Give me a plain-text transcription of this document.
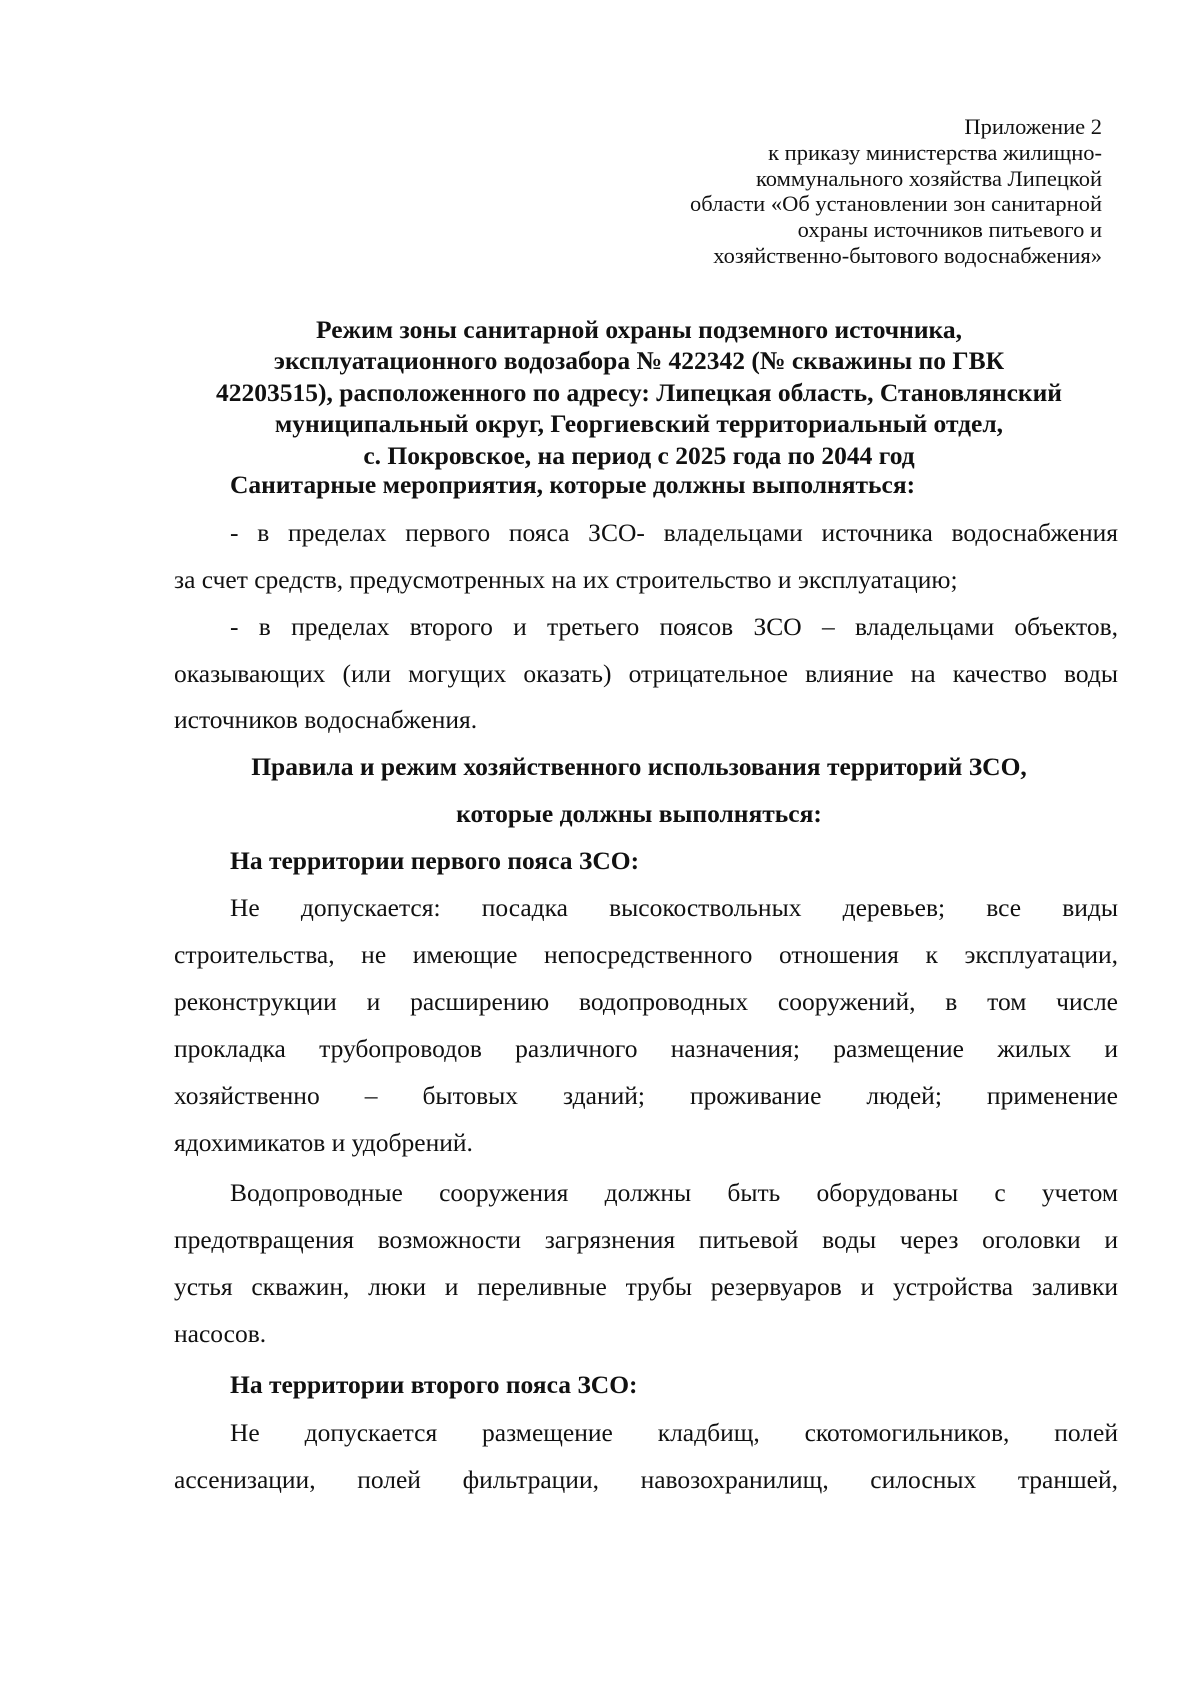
Приложение 2
к приказу министерства жилищно-
коммунального хозяйства Липецкой
области «Об установлении зон санитарной
охраны источников питьевого и
хозяйственно-бытового водоснабжения»
Режим зоны санитарной охраны подземного источника,
эксплуатационного водозабора № 422342 (№ скважины по ГВК
42203515), расположенного по адресу: Липецкая область, Становлянский
муниципальный округ, Георгиевский территориальный отдел,
с. Покровское, на период с 2025 года по 2044 год
Санитарные мероприятия, которые должны выполняться:
- в пределах первого пояса ЗСО- владельцами источника водоснабжения
за счет средств, предусмотренных на их строительство и эксплуатацию;
- в пределах второго и третьего поясов ЗСО – владельцами объектов,
оказывающих (или могущих оказать) отрицательное влияние на качество воды
источников водоснабжения.
Правила и режим хозяйственного использования территорий ЗСО,
которые должны выполняться:
На территории первого пояса ЗСО:
Не допускается: посадка высокоствольных деревьев; все виды
строительства, не имеющие непосредственного отношения к эксплуатации,
реконструкции и расширению водопроводных сооружений, в том числе
прокладка трубопроводов различного назначения; размещение жилых и
хозяйственно – бытовых зданий; проживание людей; применение
ядохимикатов и удобрений.
Водопроводные сооружения должны быть оборудованы с учетом
предотвращения возможности загрязнения питьевой воды через оголовки и
устья скважин, люки и переливные трубы резервуаров и устройства заливки
насосов.
На территории второго пояса ЗСО:
Не допускается размещение кладбищ, скотомогильников, полей
ассенизации, полей фильтрации, навозохранилищ, силосных траншей,
